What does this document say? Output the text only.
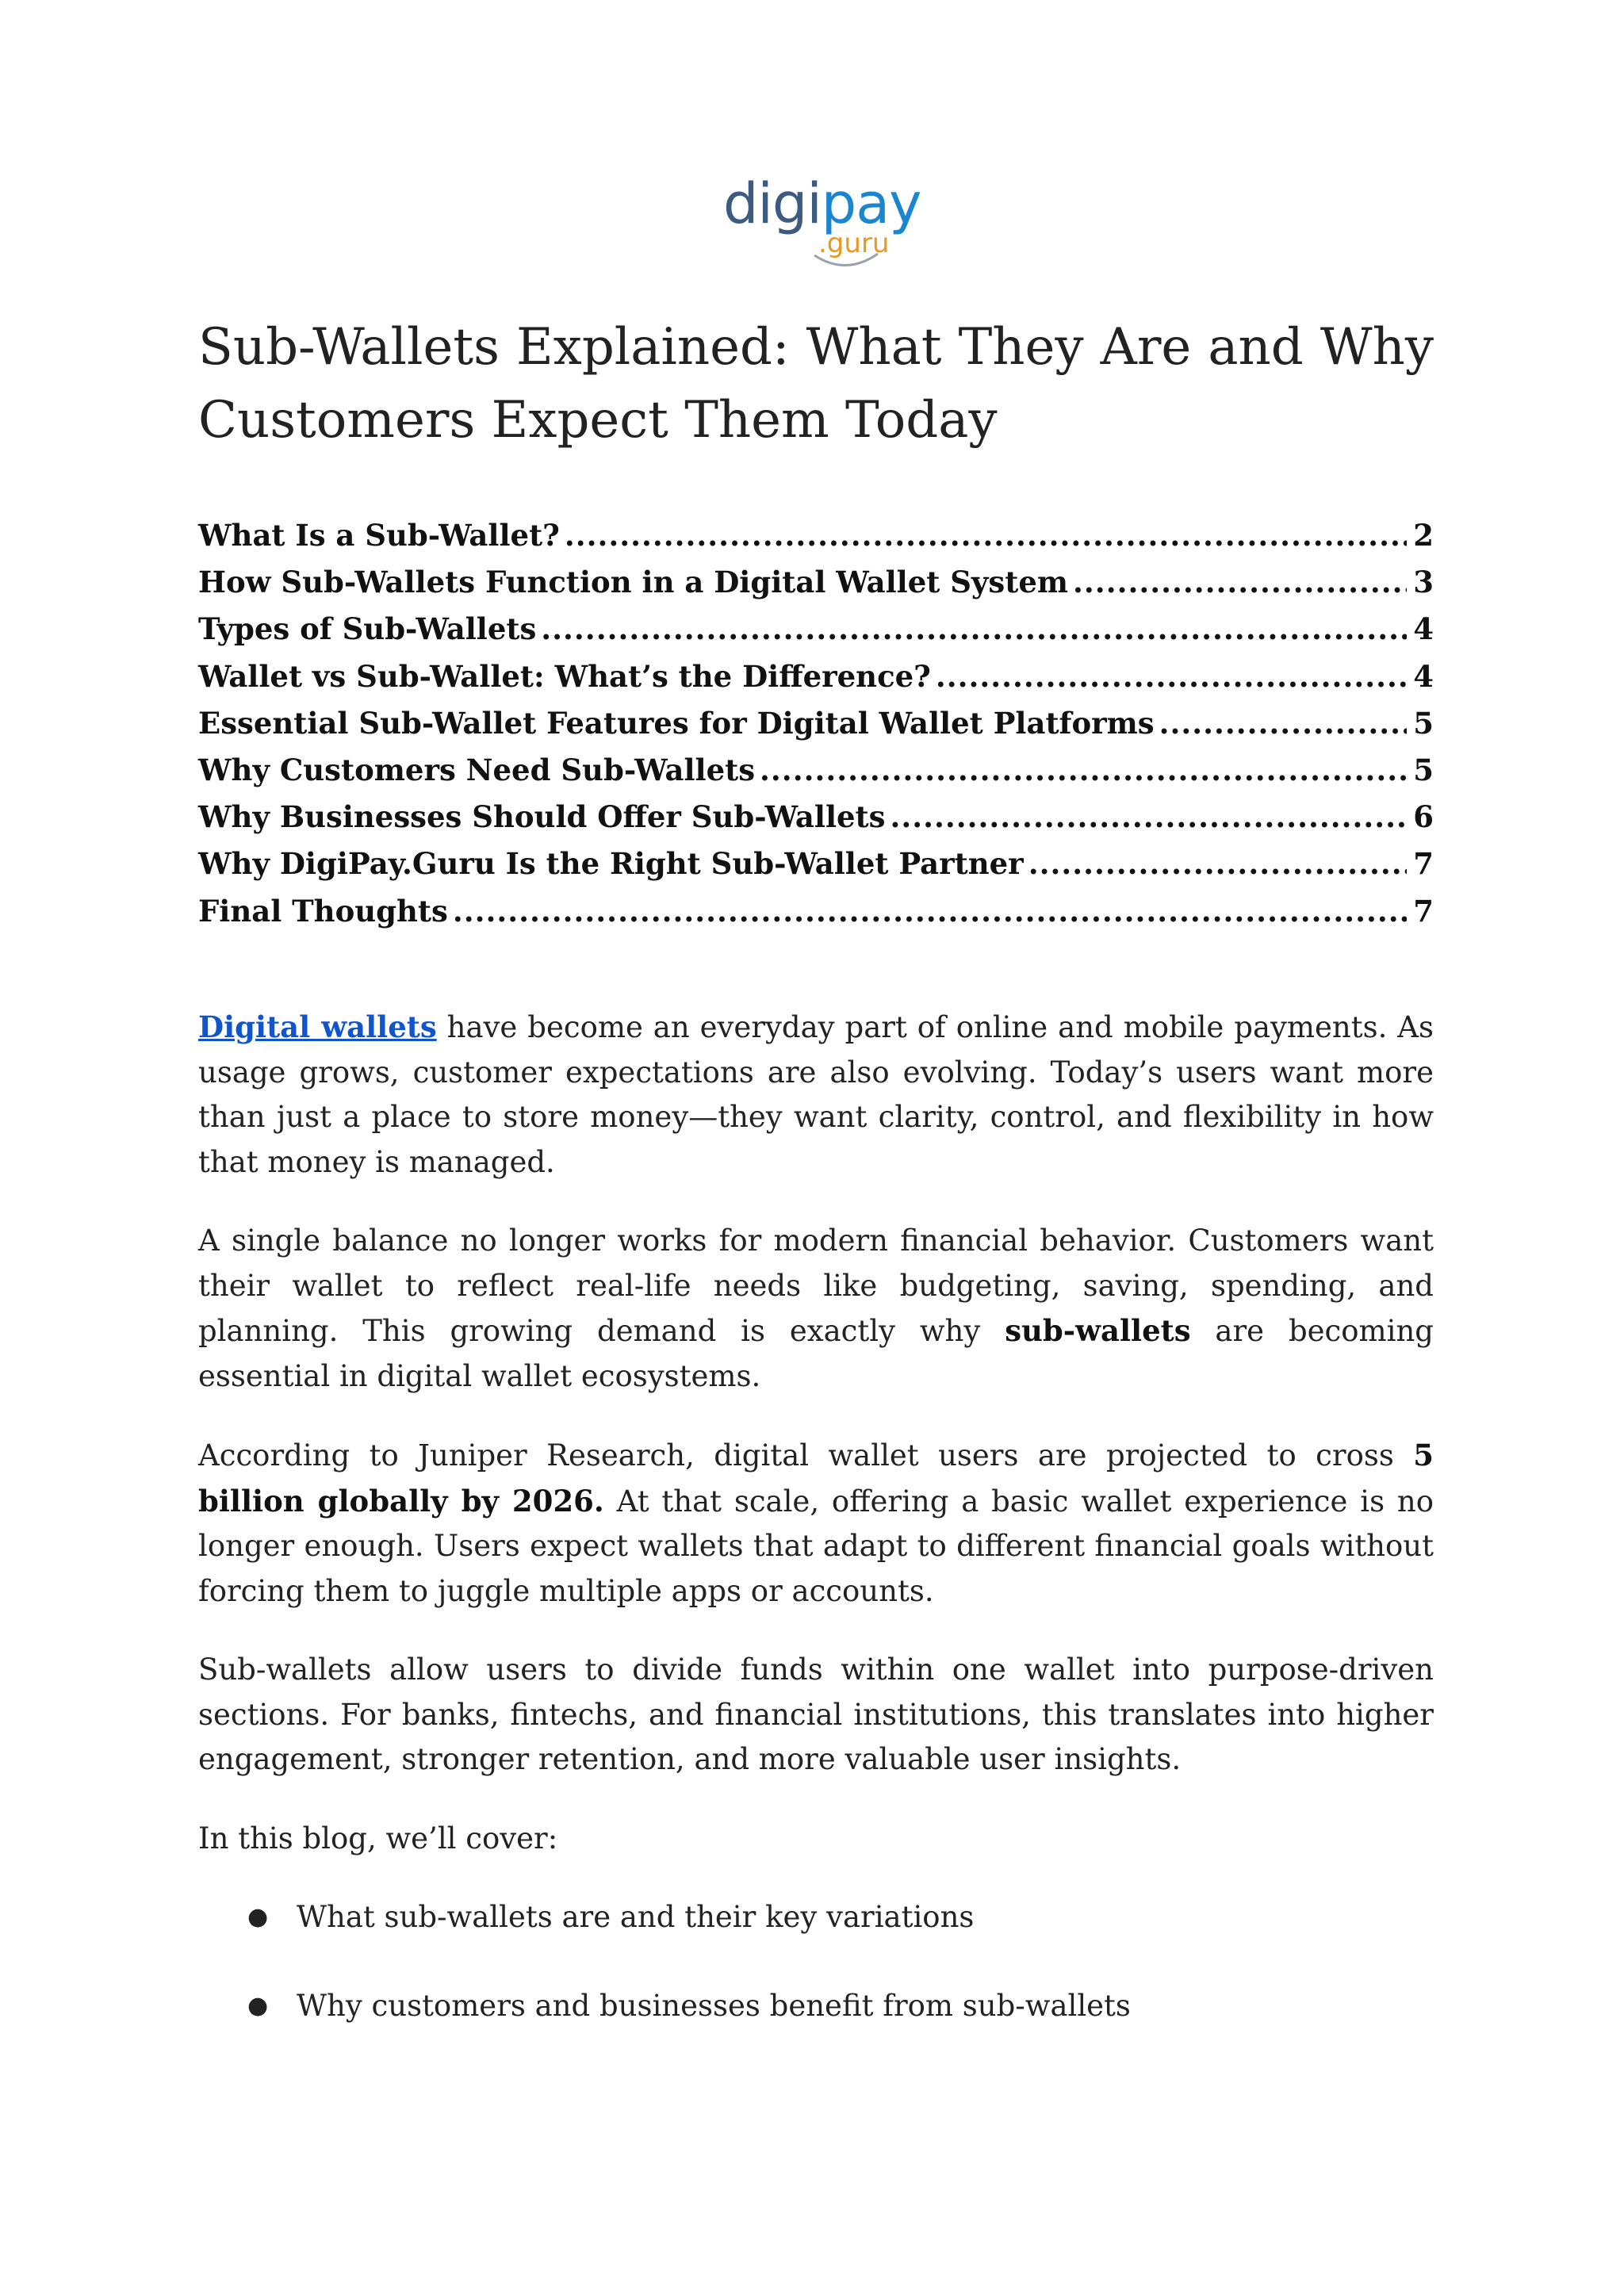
digipay
.guru
Sub-Wallets Explained: What They Are and Why Customers Expect Them Today
What Is a Sub-Wallet? .....	2
How Sub-Wallets Function in a Digital Wallet System .....	3
Types of Sub-Wallets .....	4
Wallet vs Sub-Wallet: What’s the Difference? .....	4
Essential Sub-Wallet Features for Digital Wallet Platforms .....	5
Why Customers Need Sub-Wallets .....	5
Why Businesses Should Offer Sub-Wallets .....	6
Why DigiPay.Guru Is the Right Sub-Wallet Partner .....	7
Final Thoughts .....	7

Digital wallets have become an everyday part of online and mobile payments. As usage grows, customer expectations are also evolving. Today’s users want more than just a place to store money—they want clarity, control, and flexibility in how that money is managed.

A single balance no longer works for modern financial behavior. Customers want their wallet to reflect real-life needs like budgeting, saving, spending, and planning. This growing demand is exactly why sub-wallets are becoming essential in digital wallet ecosystems.

According to Juniper Research, digital wallet users are projected to cross 5 billion globally by 2026. At that scale, offering a basic wallet experience is no longer enough. Users expect wallets that adapt to different financial goals without forcing them to juggle multiple apps or accounts.

Sub-wallets allow users to divide funds within one wallet into purpose-driven sections. For banks, fintechs, and financial institutions, this translates into higher engagement, stronger retention, and more valuable user insights.

In this blog, we’ll cover:

● What sub-wallets are and their key variations
● Why customers and businesses benefit from sub-wallets
